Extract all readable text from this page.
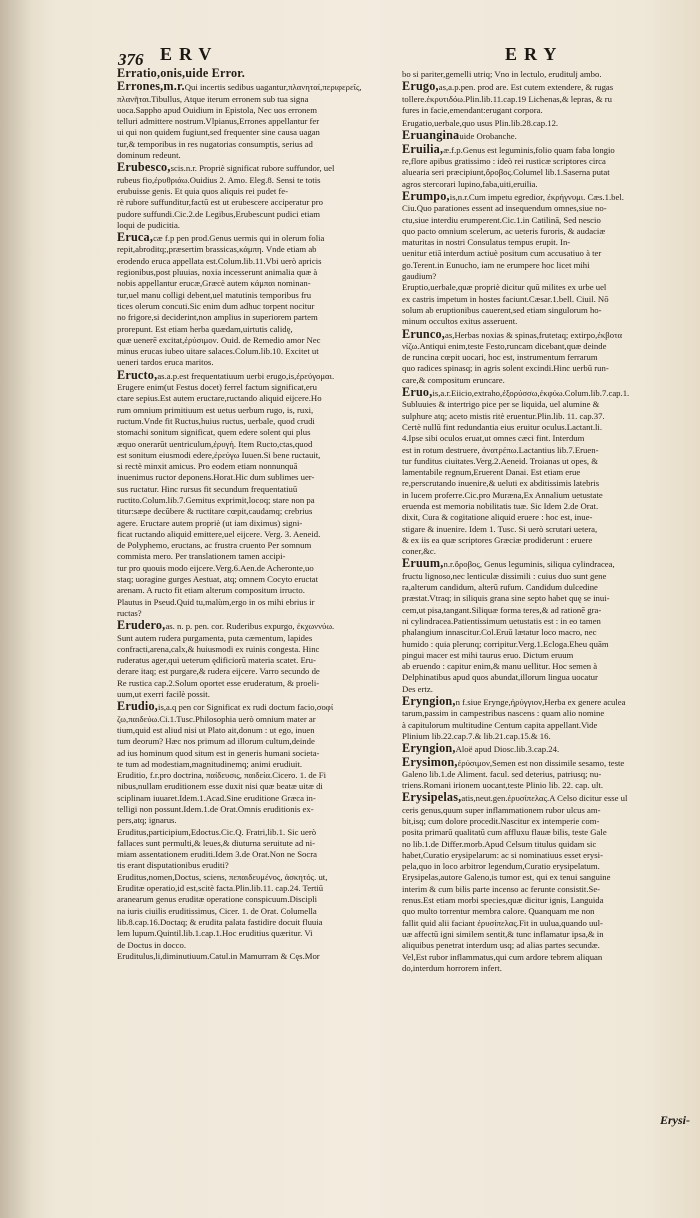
376 ERV	ERY

Erratio,onis,uide Error.

Errones,m.r.Qui incertis sedibus uagantur,πλανηταί,περιφερεῖς,
πλανῆται.Tibullus, Atque iterum erronem sub tua signa
uoca.Sappho apud Ouidium in Epistola, Nec uos erronem
telluri admittere nostrum.Vlpianus,Errones appellantur fer
ui qui non quidem fugiunt,sed frequenter sine causa uagan
tur,& temporibus in res nugatorias consumptis, serius ad
dominum redeunt.

Erubesco,scis.n.r. Propriè significat rubore suffundor, uel
rubeus fio,ἐρυθριάω.Ouidius 2. Amo. Eleg.8. Sensi te totis
erubuisse genis. Et quia quos aliquis rei pudet fe-
rè rubore suffunditur,factū est ut erubescere acciperatur pro
pudore suffundi.Cic.2.de Legibus,Erubescunt pudici etiam
loqui de pudicitia.

Eruca,cæ f.p pen prod.Genus uermis qui in olerum folia
repit,abroditq;,præsertim brassicas,κάμπη. Vnde etiam ab
erodendo eruca appellata est.Colum.lib.11.Vbi uerò apricis
regionibus,post pluuias, noxia incesserunt animalia quæ à
nobis appellantur erucæ,Græcè autem κάμπαι nominan-
tur,uel manu colligi debent,uel matutinis temporibus fru
tices olerum concuti.Sic enim dum adhuc torpent nocitur
no frigore,si deciderint,non amplius in superiorem partem
prorepunt. Est etiam herba quædam,uirtutis calidę,
quæ uenerē excitat,ἐρύσιμον. Ouid. de Remedio amor Nec
minus erucas iubeo uitare salaces.Colum.lib.10. Excitet ut
ueneri tardos eruca maritos.

Eructo,as.a.p.est frequentatiuum uerbi erugo,is,ἐρεύγομαι.
Erugere enim(ut Festus docet) ferrel factum significat,eru
ctare sepius.Est autem eructare,ructando aliquid eijcere.Ho
rum omnium primitiuum est uetus uerbum rugo, is, ruxi,
ructum.Vnde fit Ructus,huius ructus, uerbale, quod crudi
stomachi sonitum significat, quem edere solent qui plus
æquo onerarūt uentriculum,ἐρυγή. Item Ructo,ctas,quod
est sonitum eiusmodi edere,ἐρεύγω Iuuen.Si bene ructauit,
si rectè minxit amicus. Pro eodem etiam nonnunquā
inuenimus ructor deponens.Horat.Hic dum sublimes uer-
sus ructatur. Hinc rursus fit secundum frequentatiuū
ructito.Colum.lib.7.Gemitus exprimit,locoq; stare non pa
titur:sæpe decūbere & ructitare cœpit,caudamq; crebrius
agere. Eructare autem propriè (ut iam diximus) signi-
ficat ructando aliquid emittere,uel eijcere. Verg. 3. Aeneid.
de Polyphemo, eructans, ac frustra cruento Per somnum
commista mero. Per translationem tamen accipi-
tur pro quouis modo eijcere.Verg.6.Aen.de Acheronte,uo
staq; uoragine gurges Aestuat, atq; omnem Cocyto eructat
arenam. A ructo fit etiam alterum compositum irructo.
Plautus in Pseud.Quid tu,malùm,ergo in os mihi ebrius ir
ructas?

Erudero,as. n. p. pen. cor. Ruderibus expurgo, ἐκχωννύω.
Sunt autem rudera purgamenta, puta cæmentum, lapides
confracti,arena,calx,& huiusmodi ex ruinis congesta. Hinc
ruderatus ager,qui ueterum ędificiorū materia scatet. Eru-
derare itaq; est purgare,& rudera eijcere. Varro secundo de
Re rustica cap.2.Solum oportet esse eruderatum, & proeli-
uum,ut exerri facilè possit.

Erudio,is,a.q pen cor Significat ex rudi doctum facio,σοφί
ζω,παιδεύω.Ci.1.Tusc.Philosophia uerò omnium mater ar
tium,quid est aliud nisi ut Plato ait,donum : ut ego, inuen
tum deorum? Hæc nos primum ad illorum cultum,deinde
ad ius hominum quod situm est in generis humani societa-
te tum ad modestiam,magnitudinemq; animi erudiuit.
Eruditio, f.r.pro doctrina, παίδευσις, παιδεία.Cicero. 1. de Fi
nibus,nullam eruditionem esse duxit nisi quæ beatæ uitæ di
sciplinam iuuaret.Idem.1.Acad.Sine eruditione Græca in-
telligi non possunt.Idem.1.de Orat.Omnis eruditionis ex-
pers,atq; ignarus.
Eruditus,participium,Edoctus.Cic.Q. Fratri,lib.1. Sic uerò
fallaces sunt permulti,& leues,& diuturna seruitute ad ni-
miam assentationem eruditi.Idem 3.de Orat.Non ne Socra
tis erant disputationibus eruditi?
Eruditus,nomen,Doctus, sciens, πεπαιδευμένος, ἀσκητός. ut,
Eruditæ operatio,id est,scitè facta.Plin.lib.11. cap.24. Tertiū
aranearum genus eruditæ operatione conspicuum.Discipli
na iuris ciuilis eruditissimus, Cicer. 1. de Orat. Columella
lib.8.cap.16.Doctaq; & erudita palata fastidire docuit fluuia
lem lupum.Quintil.lib.1.cap.1.Hoc eruditius quæritur. Vi
de Doctus in docco.
Eruditulus,li,diminutiuum.Catul.in Mamurram & Cęs.Mor

bo si pariter,gemelli utriq; Vno in lectulo, eruditulj ambo.

Erugo,as,a.p.pen. prod are. Est cutem extendere, & rugas
tollere.ἐκρυτιδόω.Plin.lib.11.cap.19 Lichenas,& lepras, & ru
fures in facie,emendant:erugant corpora.

Erugatio,uerbale,quo usus Plin.lib.28.cap.12.

Eruanginauide Orobanche.

Eruilia,æ.f.p.Genus est leguminis,folio quam faba longio
re,flore apibus gratissimo : ideò rei rusticæ scriptores circa
aluearia seri præcipiunt,ὄροβος.Columel lib.1.Saserna putat
agros stercorari lupino,faba,uiti,eruilia.

Erumpo,is,n.r.Cum impetu egredior, ἐκρήγνυμι. Cæs.1.bel.
Ciu.Quo parationes essent ad insequendum omnes,siue no-
ctu,siue interdiu erumperent.Cic.1.in Catilinā, Sed nescio
quo pacto omnium scelerum, ac ueteris furoris, & audaciæ
maturitas in nostri Consulatus tempus erupit. In-
uenitur etiā interdum actiuè positum cum accusatiuo à ter
go.Terent.in Eunucho, iam ne erumpere hoc licet mihi
gaudium?
Eruptio,uerbale,quæ propriè dicitur quū milites ex urbe uel
ex castris impetum in hostes faciunt.Cæsar.1.bell. Ciuil. Nō
solum ab eruptionibus cauerent,sed etiam singulorum ho-
minum occultos exitus asseruent.

Erunco,as,Herbas noxias & spinas,frutetaq; extirpo,ἐκβοτα
νίζω.Antiqui enim,teste Festo,runcam dicebant,quæ deinde
de runcina cœpit uocari, hoc est, instrumentum ferrarum
quo radices spinasq; in agris solent excindi.Hinc uerbū run-
care,& compositum eruncare.

Eruo,is,a.r.Eiicio,extraho,ἐξορύσσω,ἐκφύω.Colum.lib.7.cap.1.
Subluuies & intertrigo pice per se liquida, uel alumine &
sulphure atq; aceto mistis ritè eruentur.Plin.lib. 11. cap.37.
Certè nullū fint redundantia eius eruitur oculus.Lactant.li.
4.Ipse sibi oculos eruat,ut omnes cæci fint. Interdum
est in rotum destruere, ἀνατρέπω.Lactantius lib.7.Eruen-
tur funditus ciuitates.Verg.2.Aeneid. Troianas ut opes, &
lamentabile regnum,Eruerent Danai. Est etiam erue
re,perscrutando inuenire,& ueluti ex abditissimis latebris
in lucem proferre.Cic.pro Muræna,Ex Annalium uetustate
eruenda est memoria nobilitatis tuæ. Sic Idem 2.de Orat.
dixit, Cura & cogitatione aliquid eruere : hoc est, inue-
stigare & inuenire. Idem 1. Tusc. Si uerò scrutari uetera,
& ex iis ea quæ scriptores Græciæ prodiderunt : eruere
coner,&c.

Eruum,n.r.ὄροβος, Genus leguminis, siliqua cylindracea,
fructu lignoso,nec lenticulæ dissimili : cuius duo sunt gene
ra,alterum candidum, alterū rufum. Candidum dulcedine
præstat.Vtraq; in siliquis grana sine septo habet quę se inui-
cem,ut pisa,tangant.Siliquæ forma teres,& ad rationē gra-
ni cylindracea.Patientissimum uetustatis est : in eo tamen
phalangium innascitur.Col.Eruū lætatur loco macro, nec
humido : quia plerunq; corripitur.Verg.1.Ecloga.Eheu quām
pingui macer est mihi taurus eruo. Dictum eruum
ab eruendo : capitur enim,& manu uellitur. Hoc semen à
Delphinatibus apud quos abundat,illorum lingua uocatur
Des ertz.

Eryngion,n f.siue Erynge,ἠρύγγιον,Herba ex genere aculea
tarum,passim in campestribus nascens : quam alio nomine
à capitulorum multitudine Centum capita appellant.Vide
Plinium lib.22.cap.7.& lib.21.cap.15.& 16.

Eryngion,Aloë apud Diosc.lib.3.cap.24.

Erysimon,ἐρύσιμον,Semen est non dissimile sesamo, teste
Galeno lib.1.de Aliment. facul. sed deterius, patriusq; nu-
triens.Romani irionem uocant,teste Plinio lib. 22. cap. ult.

Erysipelas,atis,neut.gen.ἐρυσίπελας.A Celso dicitur esse ul
ceris genus,quum super inflammationem rubor ulcus am-
bit,isq; cum dolore procedit.Nascitur ex intemperie com-
posita primarū qualitatū cum affluxu flauæ bilis, teste Gale
no lib.1.de Differ.morb.Apud Celsum titulus quidam sic
habet,Curatio erysipelarum: ac si nominatiuus esset erysi-
pela,quo in loco arbitror legendum,Curatio erysipelatum.
Erysipelas,autore Galeno,is tumor est, qui ex tenui sanguine
interim & cum bilis parte incenso ac ferunte consistit.Se-
renus.Est etiam morbi species,quæ dicitur ignis, Languida
quo multo torrentur membra calore. Quanquam me non
fallit quid alii faciant ἐρυσίπελας.Fit in uulua,quando uul-
uæ affectū igni similem sentit,& tunc inflamatur ipsa,& in
aliquibus penetrat interdum usq; ad alias partes secundæ.
Vel,Est rubor inflammatus,qui cum ardore tebrem aliquan
do,interdum horrorem infert.

Erysi-
